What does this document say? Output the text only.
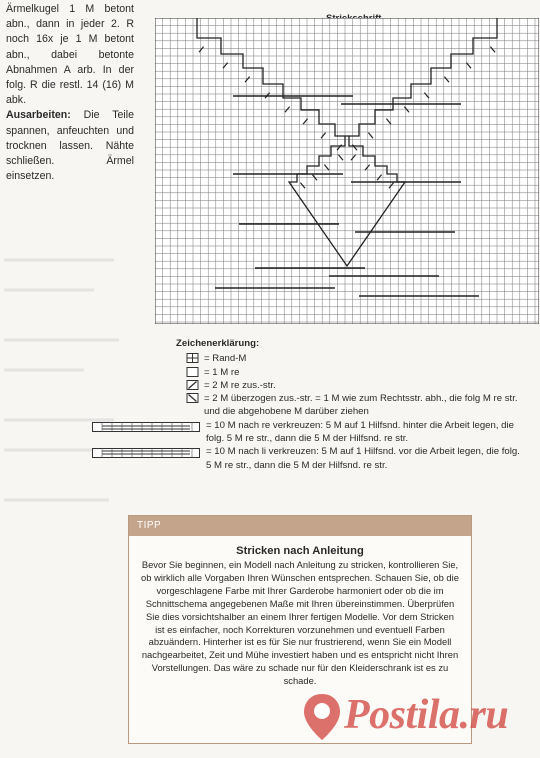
Ärmelkugel 1 M betont abn., dann in jeder 2. R noch 16x je 1 M betont abn., dabei betonte Abnahmen A arb. In der folg. R die restl. 14 (16) M abk.

Ausarbeiten: Die Teile spannen, anfeuchten und trocknen lassen. Nähte schließen. Ärmel einsetzen.

Zeichenerklärung:
= Rand-M
= 1 M re
= 2 M re zus.-str.
= 2 M überzogen zus.-str. = 1 M wie zum Rechtsstr. abh., die folg M re str. und die abgehobene M darüber ziehen
= 10 M nach re verkreuzen: 5 M auf 1 Hilfsnd. hinter die Arbeit legen, die folg. 5 M re str., dann die 5 M der Hilfsnd. re str.
= 10 M nach li verkreuzen: 5 M auf 1 Hilfsnd. vor die Arbeit legen, die folg. 5 M re str., dann die 5 M der Hilfsnd. re str.
TIPP
Stricken nach Anleitung
Bevor Sie beginnen, ein Modell nach Anleitung zu stricken, kontrollieren Sie, ob wirklich alle Vorgaben Ihren Wünschen entsprechen. Schauen Sie, ob die vorgeschlagene Farbe mit Ihrer Garderobe harmoniert oder ob die im Schnittschema angegebenen Maße mit Ihren übereinstimmen. Überprüfen Sie dies vorsichtshalber an einem Ihrer fertigen Modelle. Vor dem Stricken ist es einfacher, noch Korrekturen vorzunehmen und eventuell Farben abzuändern. Hinterher ist es für Sie nur frustrierend, wenn Sie ein Modell nachgearbeitet, Zeit und Mühe investiert haben und es entspricht nicht Ihren Vorstellungen. Das wäre zu schade nur für den Kleiderschrank ist es zu schade.
Postila.ru
